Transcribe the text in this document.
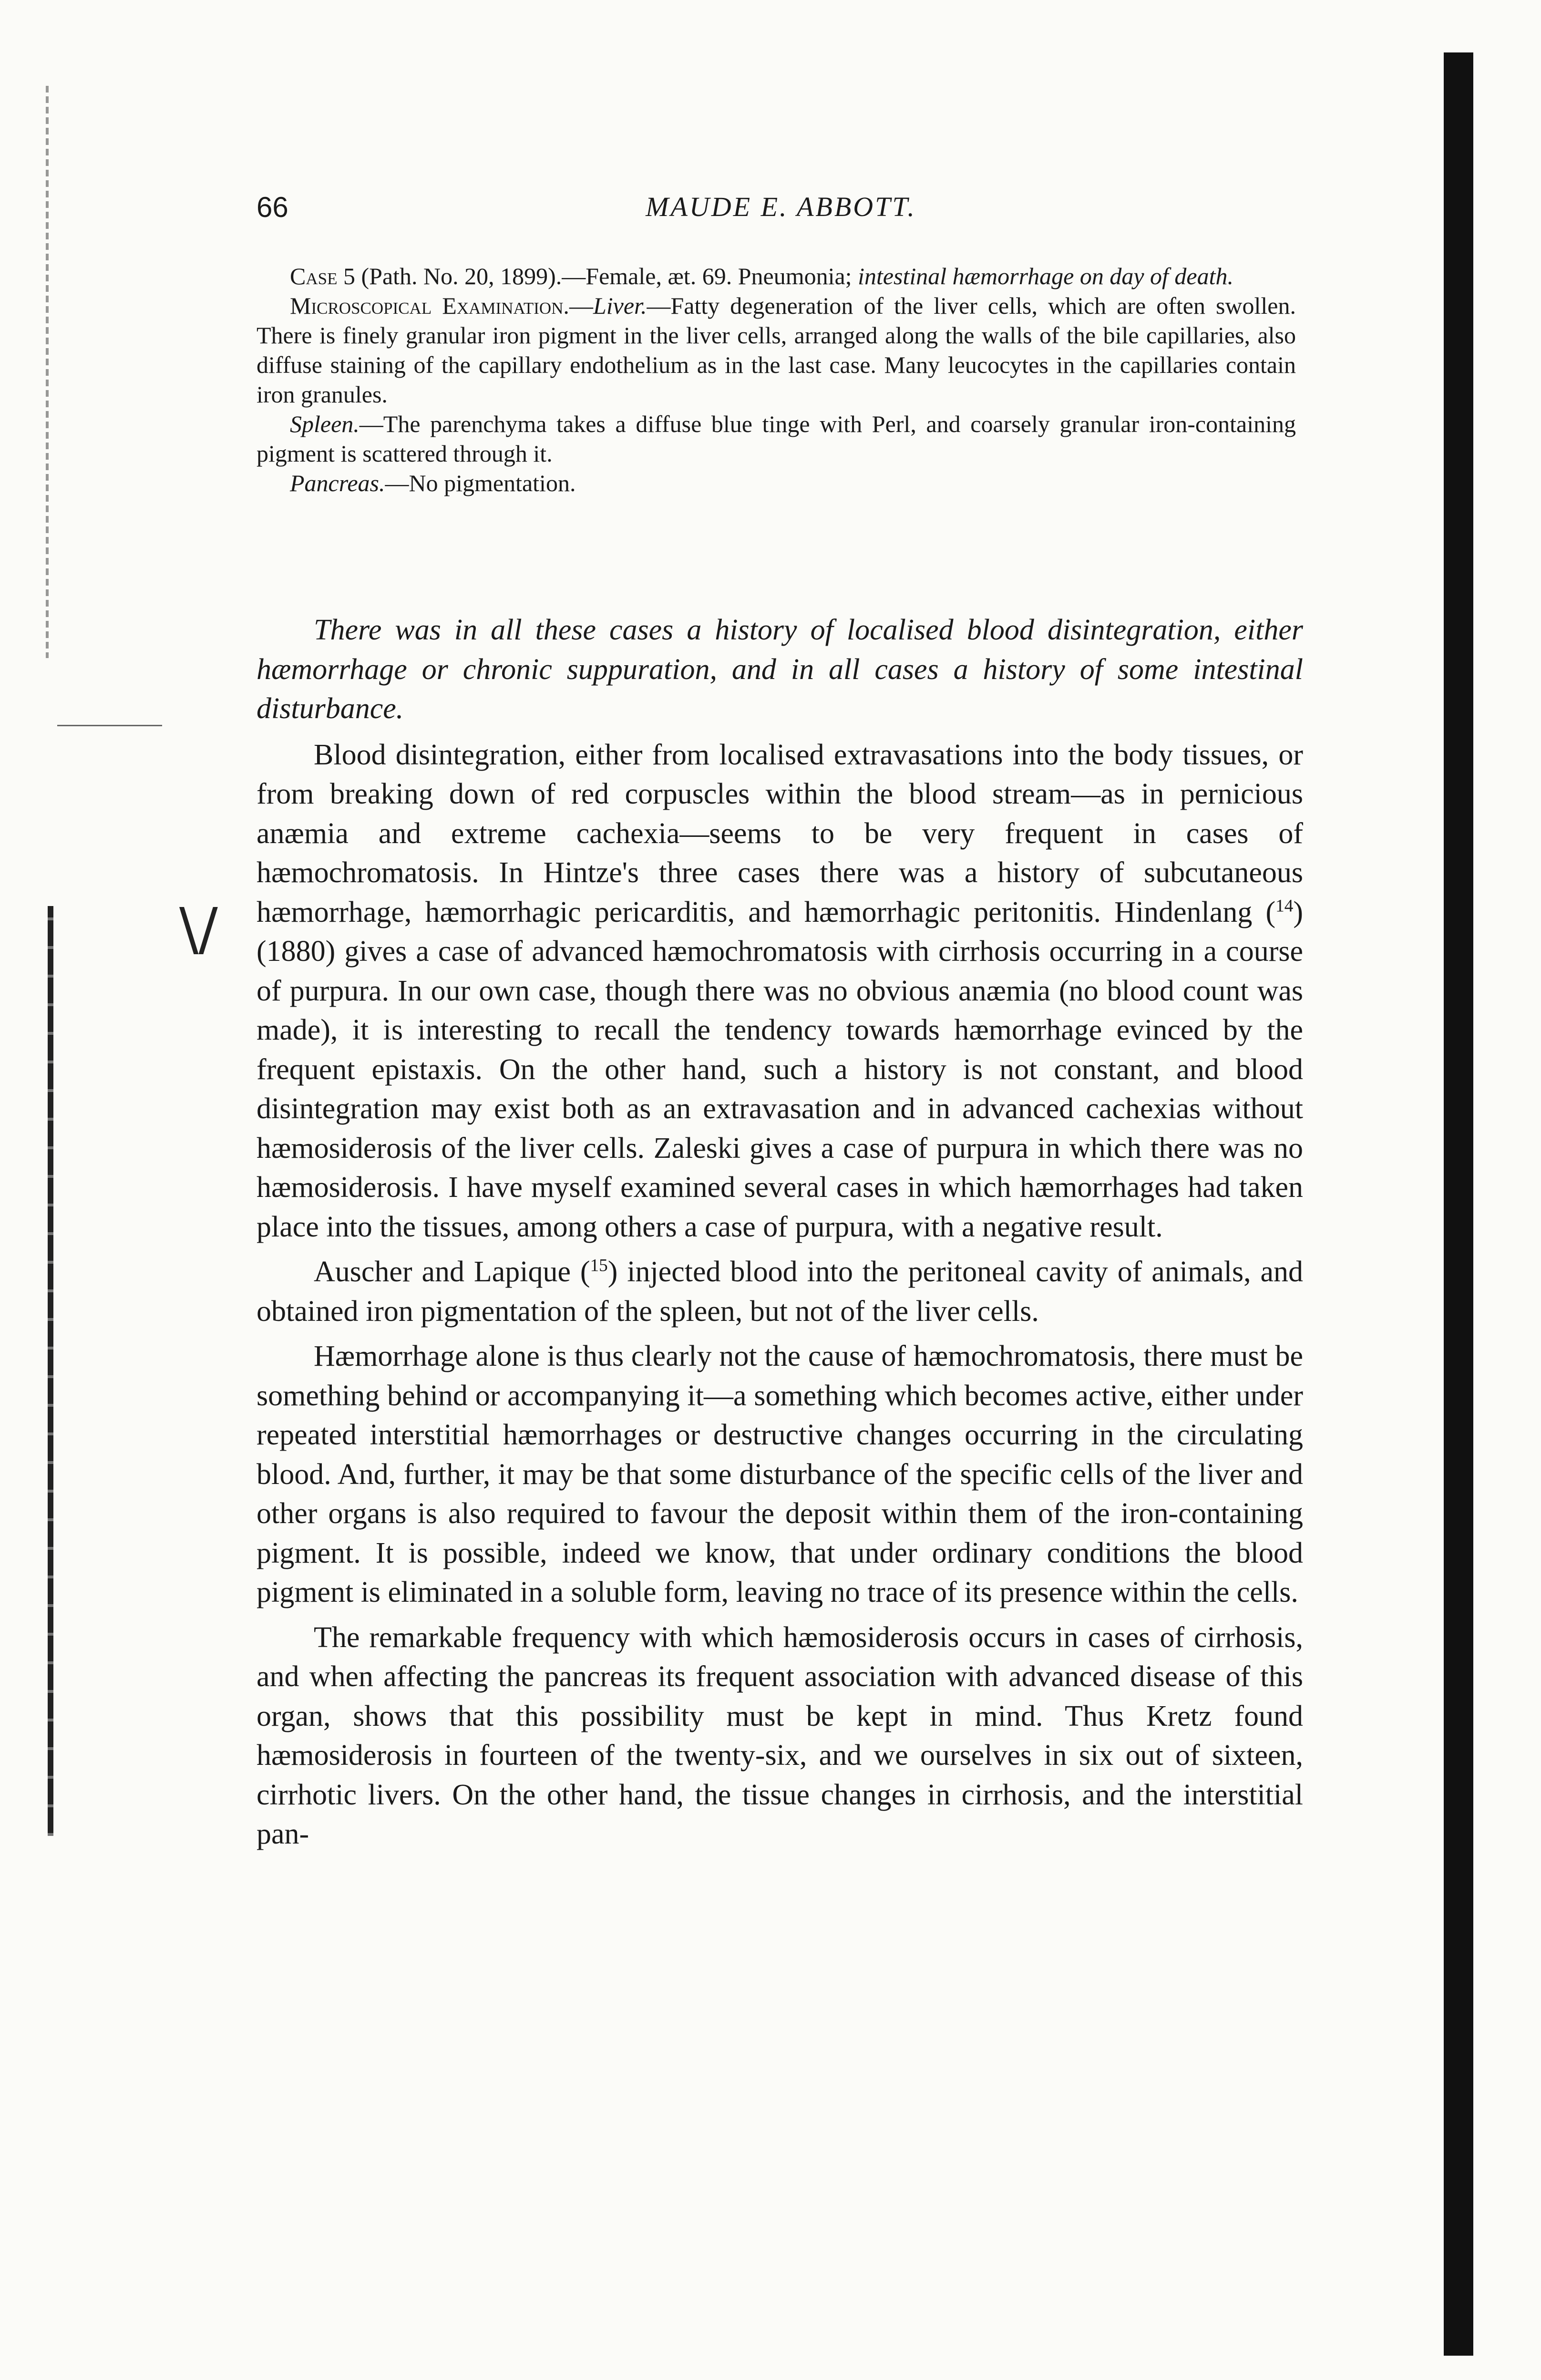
\/
66	MAUDE E. ABBOTT.

Case 5 (Path. No. 20, 1899).—Female, æt. 69. Pneumonia; intestinal hæmorrhage on day of death.

Microscopical Examination.—Liver.—Fatty degeneration of the liver cells, which are often swollen. There is finely granular iron pigment in the liver cells, arranged along the walls of the bile capillaries, also diffuse staining of the capillary endothelium as in the last case. Many leucocytes in the capillaries contain iron granules.

Spleen.—The parenchyma takes a diffuse blue tinge with Perl, and coarsely granular iron-containing pigment is scattered through it.

Pancreas.—No pigmentation.

There was in all these cases a history of localised blood disintegration, either hæmorrhage or chronic suppuration, and in all cases a history of some intestinal disturbance.

Blood disintegration, either from localised extravasations into the body tissues, or from breaking down of red corpuscles within the blood stream—as in pernicious anæmia and extreme cachexia—seems to be very frequent in cases of hæmochromatosis. In Hintze's three cases there was a history of subcutaneous hæmorrhage, hæmorrhagic pericarditis, and hæmorrhagic peritonitis. Hindenlang ($^{14}$) (1880) gives a case of advanced hæmochromatosis with cirrhosis occurring in a course of purpura. In our own case, though there was no obvious anæmia (no blood count was made), it is interesting to recall the tendency towards hæmorrhage evinced by the frequent epistaxis. On the other hand, such a history is not constant, and blood disintegration may exist both as an extravasation and in advanced cachexias without hæmosiderosis of the liver cells. Zaleski gives a case of purpura in which there was no hæmosiderosis. I have myself examined several cases in which hæmorrhages had taken place into the tissues, among others a case of purpura, with a negative result.

Auscher and Lapique ($^{15}$) injected blood into the peritoneal cavity of animals, and obtained iron pigmentation of the spleen, but not of the liver cells.

Hæmorrhage alone is thus clearly not the cause of hæmochromatosis, there must be something behind or accompanying it—a something which becomes active, either under repeated interstitial hæmorrhages or destructive changes occurring in the circulating blood. And, further, it may be that some disturbance of the specific cells of the liver and other organs is also required to favour the deposit within them of the iron-containing pigment. It is possible, indeed we know, that under ordinary conditions the blood pigment is eliminated in a soluble form, leaving no trace of its presence within the cells.

The remarkable frequency with which hæmosiderosis occurs in cases of cirrhosis, and when affecting the pancreas its frequent association with advanced disease of this organ, shows that this possibility must be kept in mind. Thus Kretz found hæmosiderosis in fourteen of the twenty-six, and we ourselves in six out of sixteen, cirrhotic livers. On the other hand, the tissue changes in cirrhosis, and the interstitial pan-
